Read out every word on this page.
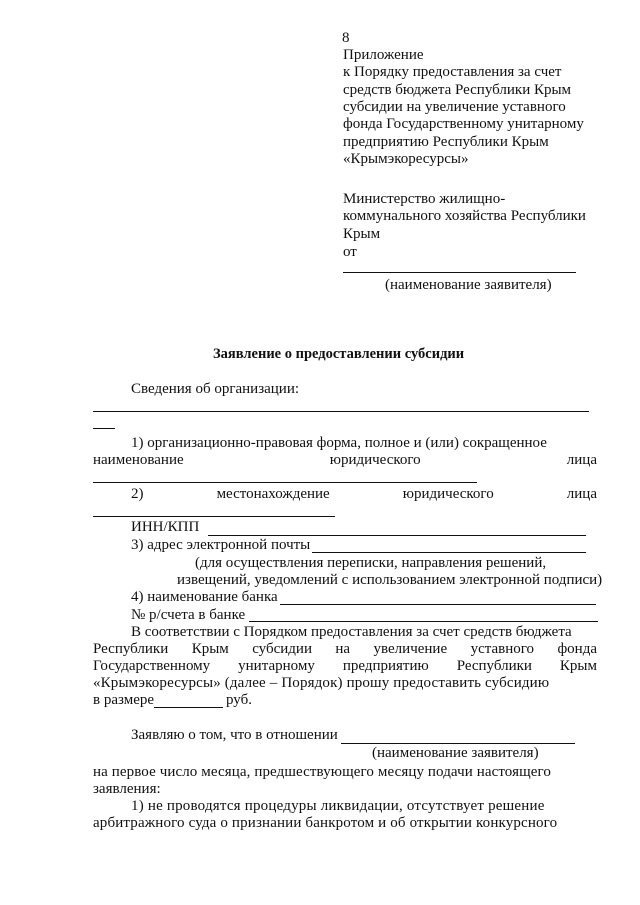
8
Приложение
к Порядку предоставления за счет
средств бюджета Республики Крым
субсидии на увеличение уставного
фонда Государственному унитарному
предприятию Республики Крым
«Крымэкоресурсы»
Министерство жилищно-
коммунального хозяйства Республики
Крым
от
(наименование заявителя)
Заявление о предоставлении субсидии
Сведения об организации:
1) организационно-правовая форма, полное и (или) сокращенное
наименование	юридического	лица
2)	местонахождение	юридического	лица
ИНН/КПП
3) адрес электронной почты
(для осуществления переписки, направления решений,
извещений, уведомлений с использованием электронной подписи)
4) наименование банка
№ р/счета в банке
В соответствии с Порядком предоставления за счет средств бюджета
Республики Крым субсидии на увеличение уставного фонда
Государственному унитарному предприятию Республики Крым
«Крымэкоресурсы» (далее – Порядок) прошу предоставить субсидию
в размере	руб.
Заявляю о том, что в отношении
(наименование заявителя)
на первое число месяца, предшествующего месяцу подачи настоящего
заявления:
1) не проводятся процедуры ликвидации, отсутствует решение
арбитражного суда о признании банкротом и об открытии конкурсного
